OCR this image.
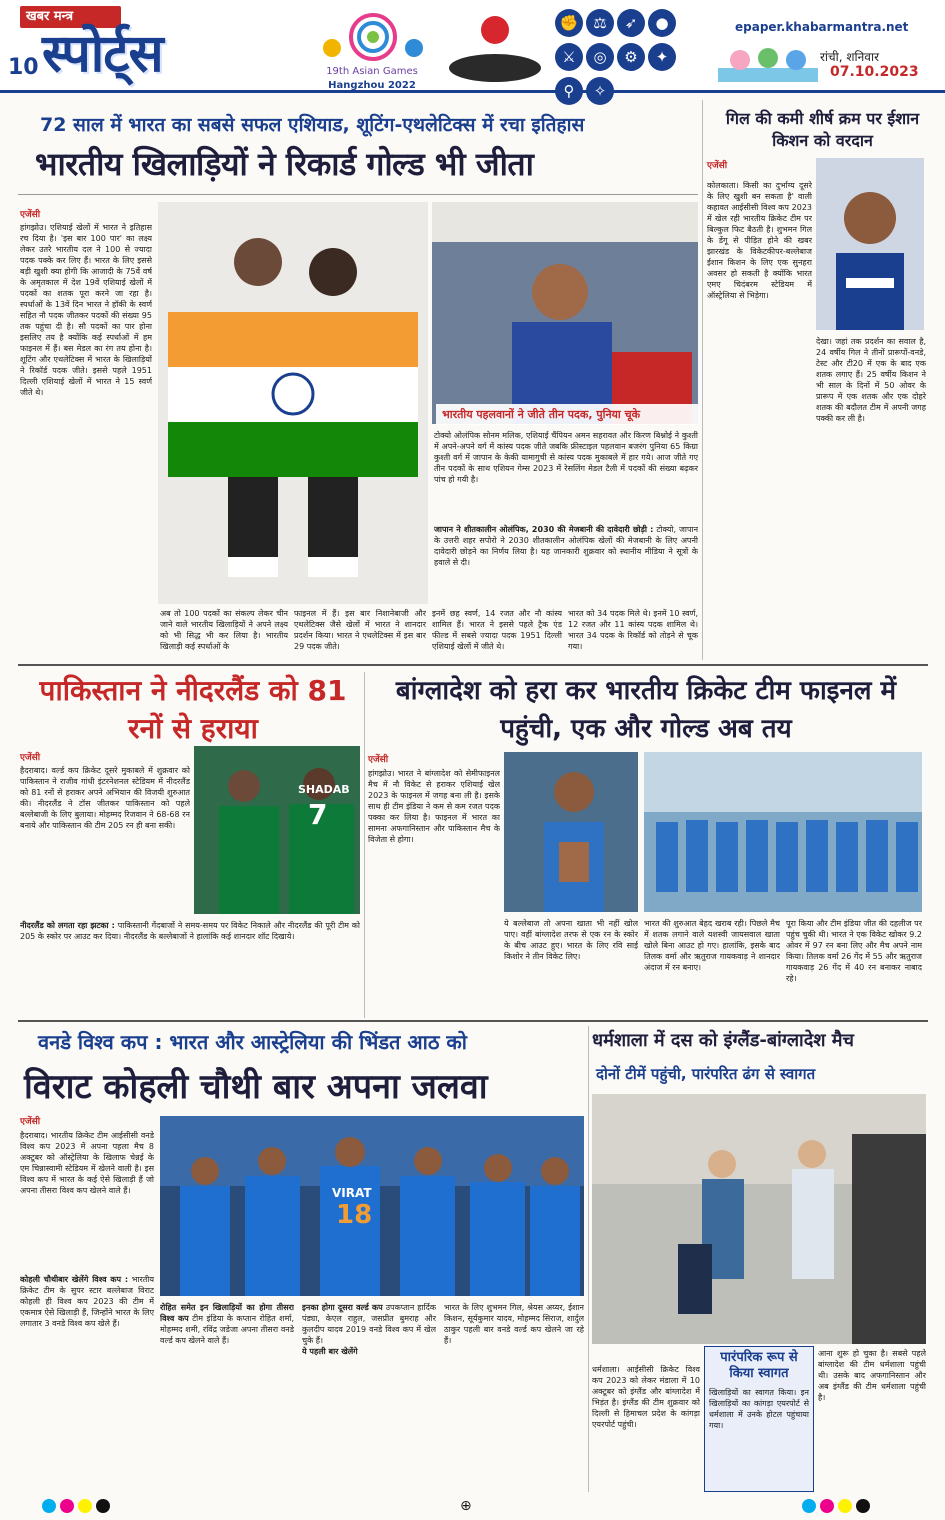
खबर मन्त्र
10 स्पोर्ट्स	19th Asian Games
Hangzhou 2022
✊ ⚖ ➶ ●⚔ ◎ ⚙ ✦⚲ ✧
epaper.khabarmantra.net
रांची, शनिवार
07.10.2023
72 साल में भारत का सबसे सफल एशियाड, शूटिंग-एथलेटिक्स में रचा इतिहास
भारतीय खिलाड़ियों ने रिकार्ड गोल्ड भी जीता
एजेंसी
हांगझोउ। एशियाई खेलों में भारत ने इतिहास रच दिया है। 'इस बार 100 पार' का लक्ष्य लेकर उतरे भारतीय दल ने 100 से ज्यादा पदक पक्के कर लिए हैं। भारत के लिए इससे बड़ी खुशी क्या होगी कि आजादी के 75वें वर्ष के अमृतकाल में देश 19वें एशियाई खेलों में पदकों का शतक पूरा करने जा रहा है। स्पर्धाओं के 13वें दिन भारत ने हॉकी के स्वर्ण सहित नौ पदक जीतकर पदकों की संख्या 95 तक पहुंचा दी है। सौ पदकों का पार होना इसलिए तय है क्योंकि कई स्पर्धाओं में हम फाइनल में हैं। बस मेडल का रंग तय होना है। शूटिंग और एथलेटिक्स में भारत के खिलाड़ियों ने रिकॉर्ड पदक जीते। इससे पहले 1951 दिल्ली एशियाई खेलों में भारत ने 15 स्वर्ण जीते थे।
अब तो 100 पदकों का संकल्प लेकर चीन जाने वाले भारतीय खिलाड़ियों ने अपने लक्ष्य को भी सिद्ध भी कर लिया है। भारतीय खिलाड़ी कई स्पर्धाओं के
फाइनल में हैं। इस बार निशानेबाजी और एथलेटिक्स जैसे खेलों में भारत ने शानदार प्रदर्शन किया। भारत ने एथलेटिक्स में इस बार 29 पदक जीते।
भारतीय पहलवानों ने जीते तीन पदक, पुनिया चूके
टोक्यो ओलंपिक सोनम मलिक, एशियाई चैंपियन अमन सहरावत और किरण बिश्नोई ने कुश्ती में अपने-अपने वर्ग में कांस्य पदक जीते जबकि फ्रीस्टाइल पहलवान बजरंग पुनिया 65 किग्रा कुश्ती वर्ग में जापान के केकी यामागुची से कांस्य पदक मुकाबले में हार गये। आज जीते गए तीन पदकों के साथ एशियन गेम्स 2023 में रेसलिंग मेडल टैली में पदकों की संख्या बढ़कर पांच हो गयी है।
जापान ने शीतकालीन ओलंपिक, 2030 की मेजबानी की दावेदारी छोड़ी : टोक्यो, जापान के उत्तरी शहर सपोरो ने 2030 शीतकालीन ओलंपिक खेलों की मेजबानी के लिए अपनी दावेदारी छोड़ने का निर्णय लिया है। यह जानकारी शुक्रवार को स्थानीय मीडिया ने सूत्रों के हवाले से दी।
इनमें छह स्वर्ण, 14 रजत और नौ कांस्य शामिल हैं। भारत ने इससे पहले ट्रैक एंड फील्ड में सबसे ज्यादा पदक 1951 दिल्ली एशियाई खेलों में जीते थे।
भारत को 34 पदक मिले थे। इनमें 10 स्वर्ण, 12 रजत और 11 कांस्य पदक शामिल थे। भारत 34 पदक के रिकॉर्ड को तोड़ने से चूक गया।
गिल की कमी शीर्ष क्रम पर ईशान किशन को वरदान
एजेंसी
कोलकाता। किसी का दुर्भाग्य दूसरे के लिए खुशी बन सकता है' वाली कहावत आईसीसी विश्व कप 2023 में खेल रही भारतीय क्रिकेट टीम पर बिल्कुल फिट बैठती है। शुभमन गिल के डेंगू से पीड़ित होने की खबर झारखंड के विकेटकीपर-बल्लेबाज ईशान किशन के लिए एक सुनहरा अवसर हो सकती है क्योंकि भारत एमए चिदंबरम स्टेडियम में ऑस्ट्रेलिया से भिड़ेगा।
देखा। जहां तक प्रदर्शन का सवाल है, 24 वर्षीय गिल ने तीनों प्रारूपों-वनडे, टेस्ट और टी20 में एक के बाद एक शतक लगाए हैं। 25 वर्षीय किशन ने भी साल के दिनों में 50 ओवर के प्रारूप में एक शतक और एक दोहरे शतक की बदौलत टीम में अपनी जगह पक्की कर ली है।
पाकिस्तान ने नीदरलैंड को 81 रनों से हराया
एजेंसी
हैदराबाद। वर्ल्ड कप क्रिकेट दूसरे मुकाबले में शुक्रवार को पाकिस्तान ने राजीव गांधी इंटरनेशनल स्टेडियम में नीदरलैंड को 81 रनों से हराकर अपने अभियान की विजयी शुरुआत की। नीदरलैंड ने टॉस जीतकर पाकिस्तान को पहले बल्लेबाजी के लिए बुलाया। मोहम्मद रिजवान ने 68-68 रन बनाये और पाकिस्तान की टीम 205 रन ही बना सकी।
SHADAB
7
नीदरलैंड को लगता रहा झटका : पाकिस्तानी गेंदबाजों ने समय-समय पर विकेट निकाले और नीदरलैंड की पूरी टीम को 205 के स्कोर पर आउट कर दिया। नीदरलैंड के बल्लेबाजों ने हालांकि कई शानदार शॉट दिखाये।
बांग्लादेश को हरा कर भारतीय क्रिकेट टीम फाइनल में पहुंची, एक और गोल्ड अब तय
एजेंसी
हांगझोउ। भारत ने बांग्लादेश को सेमीफाइनल मैच में नौ विकेट से हराकर एशियाई खेल 2023 के फाइनल में जगह बना ली है। इसके साथ ही टीम इंडिया ने कम से कम रजत पदक पक्का कर लिया है। फाइनल में भारत का सामना अफगानिस्तान और पाकिस्तान मैच के विजेता से होगा।
ये बल्लेबाज तो अपना खाता भी नहीं खोल पाए। वहीं बांग्लादेश तरफ से एक रन के स्कोर के बीच आउट हुए। भारत के लिए रवि साई किशोर ने तीन विकेट लिए।
भारत की शुरुआत बेहद खराब रही। पिछले मैच में शतक लगाने वाले यशस्वी जायसवाल खाता खोले बिना आउट हो गए। हालांकि, इसके बाद तिलक वर्मा और ऋतुराज गायकवाड़ ने शानदार अंदाज में रन बनाए।
पूरा किया और टीम इंडिया जीत की दहलीज पर पहुंच चुकी थी। भारत ने एक विकेट खोकर 9.2 ओवर में 97 रन बना लिए और मैच अपने नाम किया। तिलक वर्मा 26 गेंद में 55 और ऋतुराज गायकवाड़ 26 गेंद में 40 रन बनाकर नाबाद रहे।
वनडे विश्व कप : भारत और आस्ट्रेलिया की भिंडत आठ को
विराट कोहली चौथी बार अपना जलवा
एजेंसी
हैदराबाद। भारतीय क्रिकेट टीम आईसीसी वनडे विश्व कप 2023 में अपना पहला मैच 8 अक्टूबर को ऑस्ट्रेलिया के खिलाफ चेन्नई के एम चिन्नास्वामी स्टेडियम में खेलने वाली है। इस विश्व कप में भारत के कई ऐसे खिलाड़ी हैं जो अपना तीसरा विश्व कप खेलने वाले हैं।
कोहली चौथीबार खेलेंगे विश्व कप : भारतीय क्रिकेट टीम के सुपर स्टार बल्लेबाज विराट कोहली ही विश्व कप 2023 की टीम में एकमात्र ऐसे खिलाड़ी हैं, जिन्होंने भारत के लिए लगातार 3 वनडे विश्व कप खेले हैं।
VIRAT
18
रोहित समेत इन खिलाड़ियों का होगा तीसरा विश्व कप टीम इंडिया के कप्तान रोहित शर्मा, मोहम्मद शमी, रविंद्र जडेजा अपना तीसरा वनडे वर्ल्ड कप खेलने वाले हैं।
इनका होगा दूसरा वर्ल्ड कप उपकप्तान हार्दिक पंड्या, केएल राहुल, जसप्रीत बुमराह और कुलदीप यादव 2019 वनडे विश्व कप में खेल चुके हैं।
ये पहली बार खेलेंगे
भारत के लिए शुभमन गिल, श्रेयस अय्यर, ईशान किशन, सूर्यकुमार यादव, मोहम्मद सिराज, शार्दुल ठाकुर पहली बार वनडे वर्ल्ड कप खेलने जा रहे हैं।
धर्मशाला में दस को इंग्लैंड-बांग्लादेश मैच
दोनों टीमें पहुंची, पारंपरित ढंग से स्वागत
धर्मशाला। आईसीसी क्रिकेट विश्व कप 2023 को लेकर मंडाला में 10 अक्टूबर को इंग्लैंड और बांग्लादेश में भिड़ंत है। इंग्लैंड की टीम शुक्रवार को दिल्ली से हिमाचल प्रदेश के कांगड़ा एयरपोर्ट पहुंची।
पारंपरिक रूप से किया स्वागत
खिलाड़ियों का स्वागत किया। इन खिलाड़ियों का कांगड़ा एयरपोर्ट से धर्मशाला में उनके होटल पहुंचाया गया।
आना शुरू हो चुका है। सबसे पहले बांग्लादेश की टीम धर्मशाला पहुंची थी। उसके बाद अफगानिस्तान और अब इंग्लैंड की टीम धर्मशाला पहुंची है।
⊕
